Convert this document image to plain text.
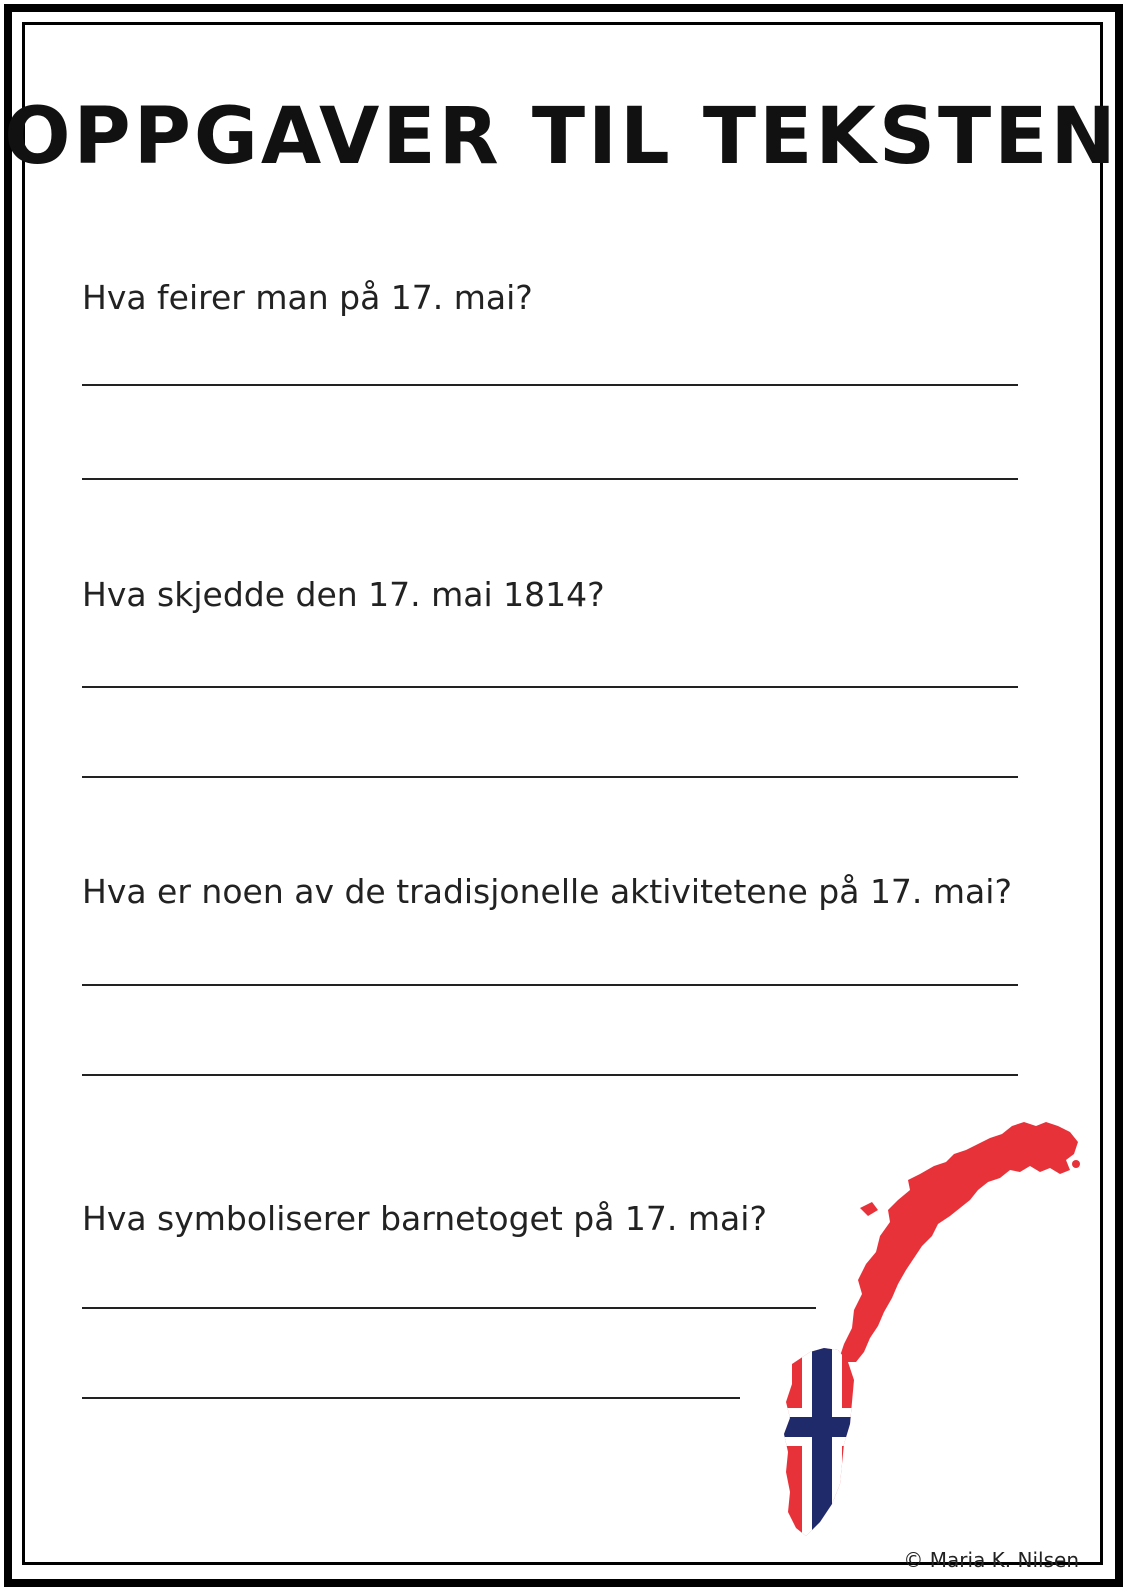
OPPGAVER TIL TEKSTEN
Hva feirer man på 17. mai?
Hva skjedde den 17. mai 1814?
Hva er noen av de tradisjonelle aktivitetene på 17. mai?
Hva symboliserer barnetoget på 17. mai?
© Maria K. Nilsen
